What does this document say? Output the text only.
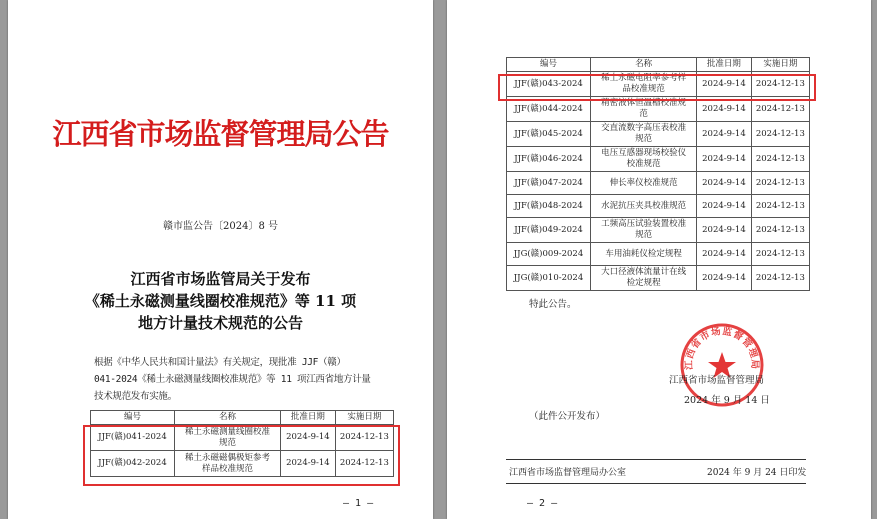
江西省市场监督管理局公告
赣市监公告〔2024〕8 号
江西省市场监管局关于发布
《稀土永磁测量线圈校准规范》等 11 项
地方计量技术规范的公告
根据《中华人民共和国计量法》有关规定，现批准 JJF（赣）
041-2024《稀土永磁测量线圈校准规范》等 11 项江西省地方计量
技术规范发布实施。
编号	名称	批准日期	实施日期
JJF(赣)041-2024	稀土永磁测量线圈校准
规范	2024-9-14	2024-12-13
JJF(赣)042-2024	稀土永磁磁偶极矩参考
样品校准规范	2024-9-14	2024-12-13
— 1 —
编号	名称	批准日期	实施日期
JJF(赣)043-2024	稀土永磁电阻率参考样
品校准规范	2024-9-14	2024-12-13
JJF(赣)044-2024	精密液体恒温槽校准规
范	2024-9-14	2024-12-13
JJF(赣)045-2024	交直流数字高压表校准
规范	2024-9-14	2024-12-13
JJF(赣)046-2024	电压互感器现场校验仪
校准规范	2024-9-14	2024-12-13
JJF(赣)047-2024	伸长率仪校准规范	2024-9-14	2024-12-13
JJF(赣)048-2024	水泥抗压夹具校准规范	2024-9-14	2024-12-13
JJF(赣)049-2024	工频高压试验装置校准
规范	2024-9-14	2024-12-13
JJG(赣)009-2024	车用油耗仪检定规程	2024-9-14	2024-12-13
JJG(赣)010-2024	大口径液体流量计在线
检定规程	2024-9-14	2024-12-13
特此公告。
江西省市场监督管理局
江西省市场监督管理局
2024 年 9 月 14 日
（此件公开发布）
江西省市场监督管理局办公室	2024 年 9 月 24 日印发
— 2 —
